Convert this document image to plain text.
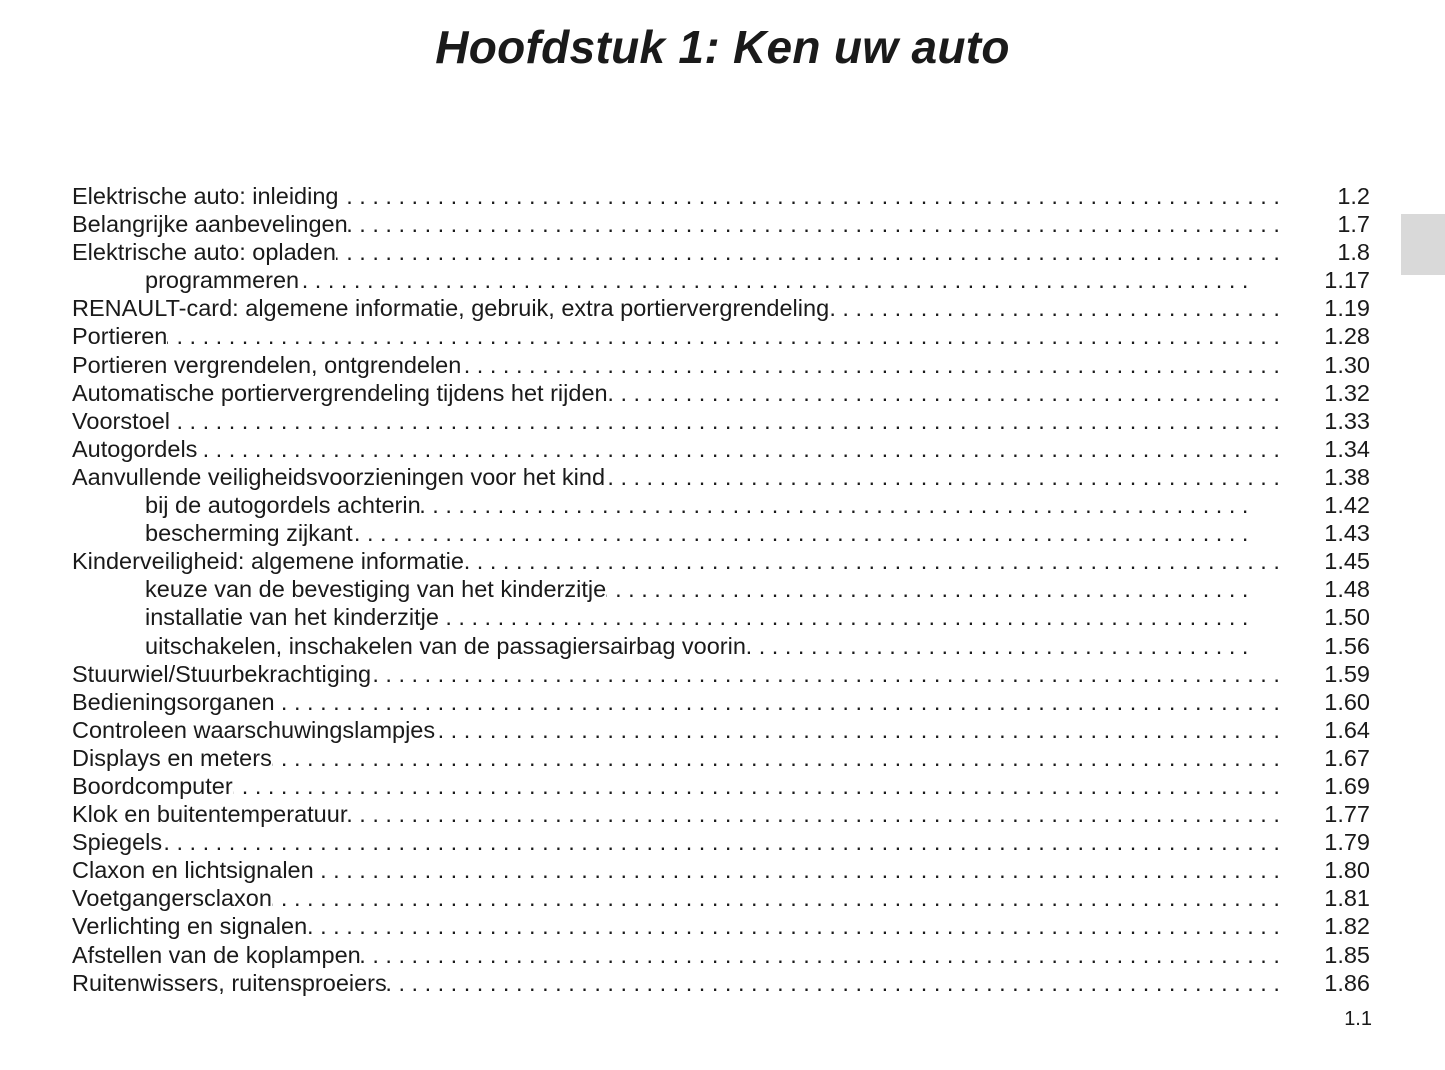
Hoofdstuk 1: Ken uw auto
Elektrische auto: inleiding . . .	1.2
Belangrijke aanbevelingen . . .	1.7
Elektrische auto: opladen . . .	1.8
programmeren . . .	1.17
RENAULT-card: algemene informatie, gebruik, extra portiervergrendeling . . .	1.19
Portieren . . .	1.28
Portieren vergrendelen, ontgrendelen . . .	1.30
Automatische portiervergrendeling tijdens het rijden . . .	1.32
Voorstoel . . .	1.33
Autogordels . . .	1.34
Aanvullende veiligheidsvoorzieningen voor het kind . . .	1.38
bij de autogordels achterin . . .	1.42
bescherming zijkant . . .	1.43
Kinderveiligheid: algemene informatie . . .	1.45
keuze van de bevestiging van het kinderzitje . . .	1.48
installatie van het kinderzitje . . .	1.50
uitschakelen, inschakelen van de passagiersairbag voorin . . .	1.56
Stuurwiel/Stuurbekrachtiging . . .	1.59
Bedieningsorganen . . .	1.60
Controleen waarschuwingslampjes . . .	1.64
Displays en meters . . .	1.67
Boordcomputer . . .	1.69
Klok en buitentemperatuur . . .	1.77
Spiegels . . .	1.79
Claxon en lichtsignalen . . .	1.80
Voetgangersclaxon . . .	1.81
Verlichting en signalen . . .	1.82
Afstellen van de koplampen . . .	1.85
Ruitenwissers, ruitensproeiers . . .	1.86
1.1
